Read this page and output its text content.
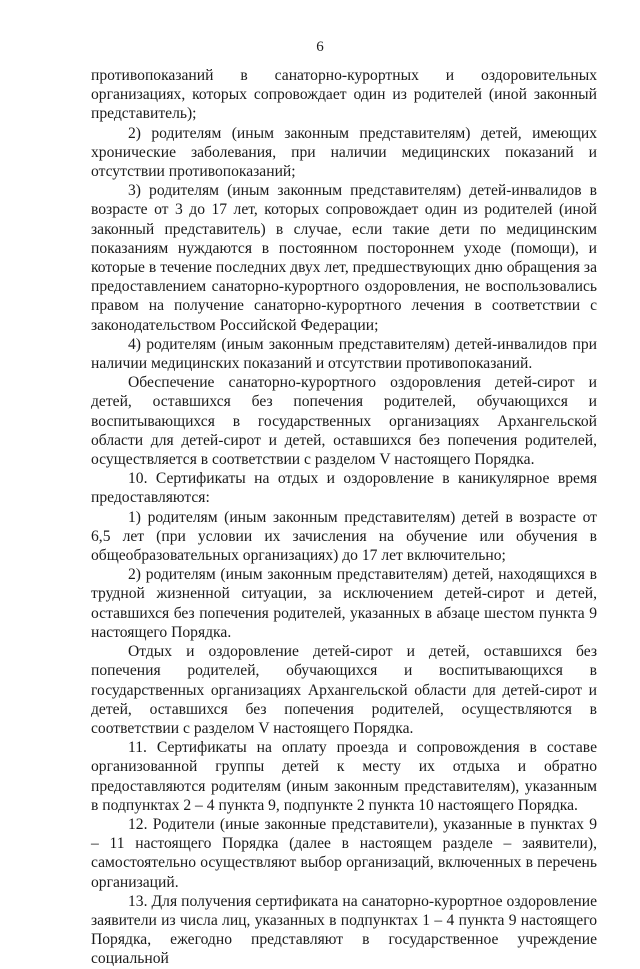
6

противопоказаний в санаторно-курортных и оздоровительных организациях, которых сопровождает один из родителей (иной законный представитель);

2) родителям (иным законным представителям) детей, имеющих хронические заболевания, при наличии медицинских показаний и отсутствии противопоказаний;

3) родителям (иным законным представителям) детей-инвалидов в возрасте от 3 до 17 лет, которых сопровождает один из родителей (иной законный представитель) в случае, если такие дети по медицинским показаниям нуждаются в постоянном постороннем уходе (помощи), и которые в течение последних двух лет, предшествующих дню обращения за предоставлением санаторно-курортного оздоровления, не воспользовались правом на получение санаторно-курортного лечения в соответствии с законодательством Российской Федерации;

4) родителям (иным законным представителям) детей-инвалидов при наличии медицинских показаний и отсутствии противопоказаний.

Обеспечение санаторно-курортного оздоровления детей-сирот и детей, оставшихся без попечения родителей, обучающихся и воспитывающихся в государственных организациях Архангельской области для детей-сирот и детей, оставшихся без попечения родителей, осуществляется в соответствии с разделом V настоящего Порядка.

10. Сертификаты на отдых и оздоровление в каникулярное время предоставляются:

1) родителям (иным законным представителям) детей в возрасте от 6,5 лет (при условии их зачисления на обучение или обучения в общеобразовательных организациях) до 17 лет включительно;

2) родителям (иным законным представителям) детей, находящихся в трудной жизненной ситуации, за исключением детей-сирот и детей, оставшихся без попечения родителей, указанных в абзаце шестом пункта 9 настоящего Порядка.

Отдых и оздоровление детей-сирот и детей, оставшихся без попечения родителей, обучающихся и воспитывающихся в государственных организациях Архангельской области для детей-сирот и детей, оставшихся без попечения родителей, осуществляются в соответствии с разделом V настоящего Порядка.

11. Сертификаты на оплату проезда и сопровождения в составе организованной группы детей к месту их отдыха и обратно предоставляются родителям (иным законным представителям), указанным в подпунктах 2 – 4 пункта 9, подпункте 2 пункта 10 настоящего Порядка.

12. Родители (иные законные представители), указанные в пунктах 9 – 11 настоящего Порядка (далее в настоящем разделе – заявители), самостоятельно осуществляют выбор организаций, включенных в перечень организаций.

13. Для получения сертификата на санаторно-курортное оздоровление заявители из числа лиц, указанных в подпунктах 1 – 4 пункта 9 настоящего Порядка, ежегодно представляют в государственное учреждение социальной
